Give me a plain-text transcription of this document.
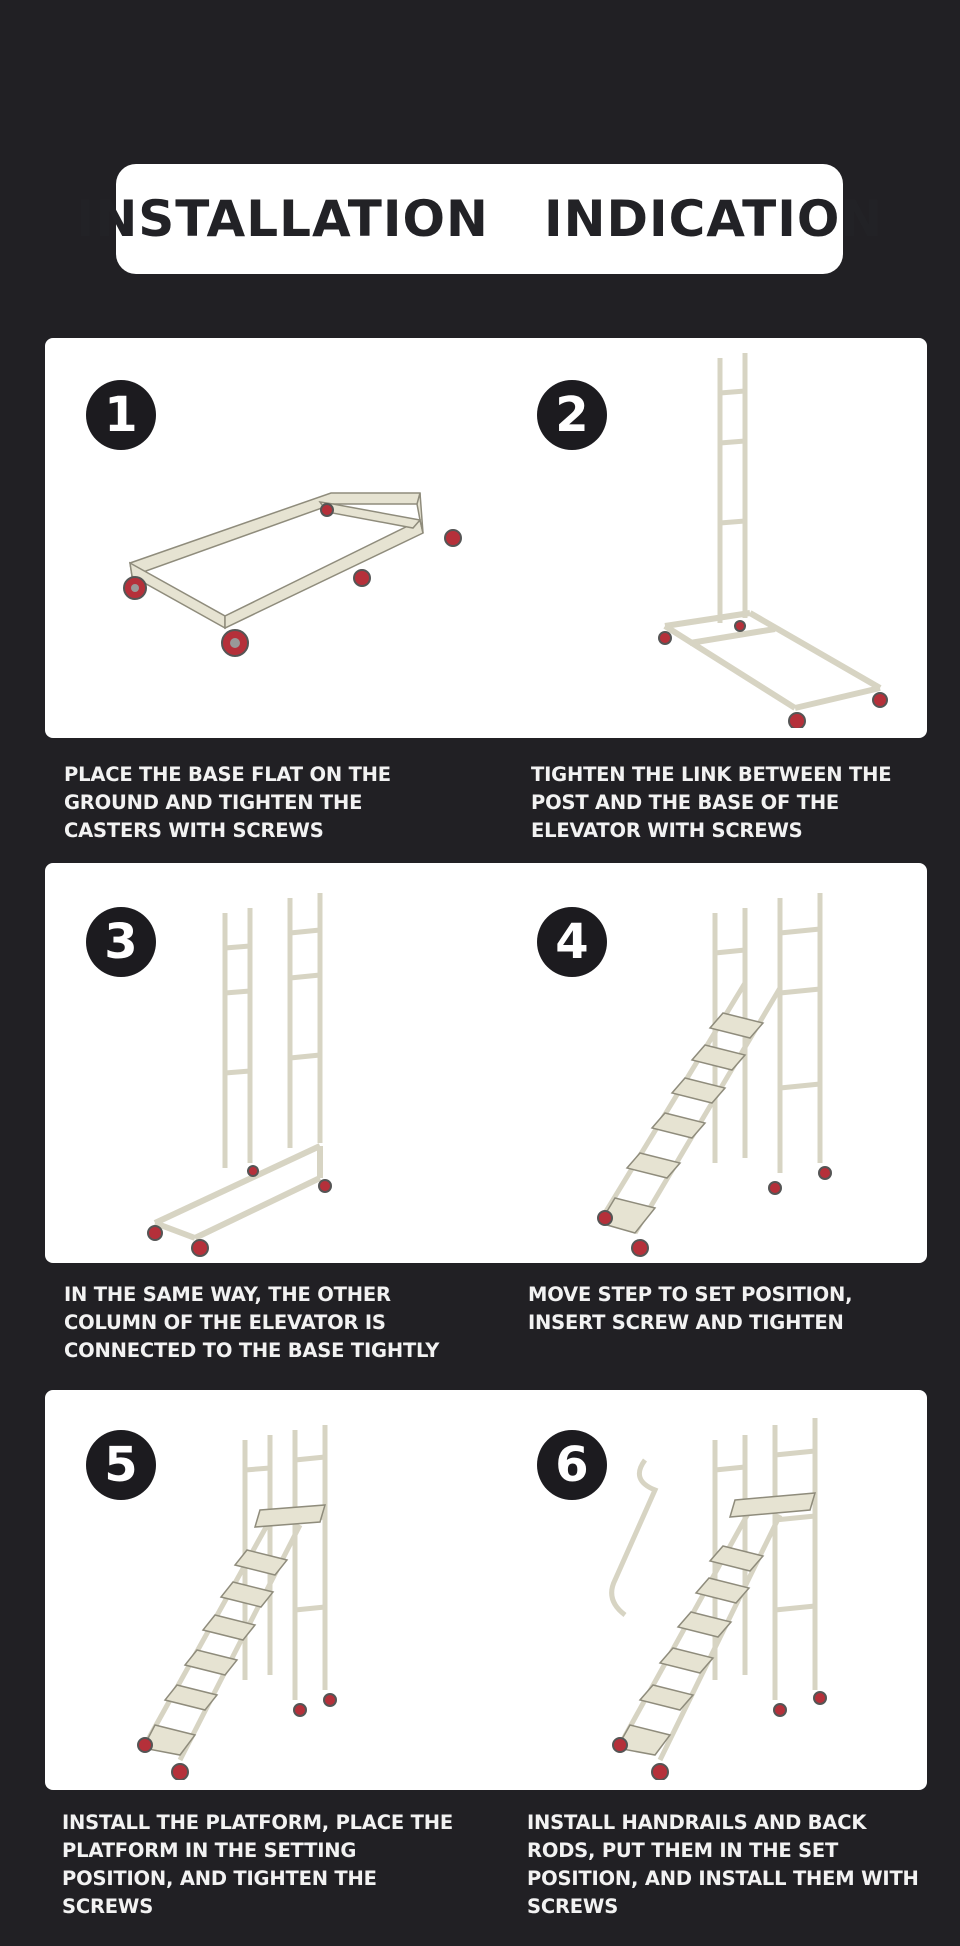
INSTALLATION   INDICATION
1	2
PLACE THE BASE FLAT ON THE GROUND AND TIGHTEN THE CASTERS WITH SCREWS
TIGHTEN THE LINK BETWEEN THE POST AND THE BASE OF THE ELEVATOR WITH SCREWS
3	4
IN THE SAME WAY, THE OTHER COLUMN OF THE ELEVATOR IS CONNECTED TO THE BASE TIGHTLY
MOVE STEP TO SET POSITION, INSERT SCREW AND TIGHTEN
5	6
INSTALL THE PLATFORM, PLACE THE PLATFORM IN THE SETTING POSITION, AND TIGHTEN THE SCREWS
INSTALL HANDRAILS AND BACK RODS, PUT THEM IN THE SET POSITION, AND INSTALL THEM WITH SCREWS
